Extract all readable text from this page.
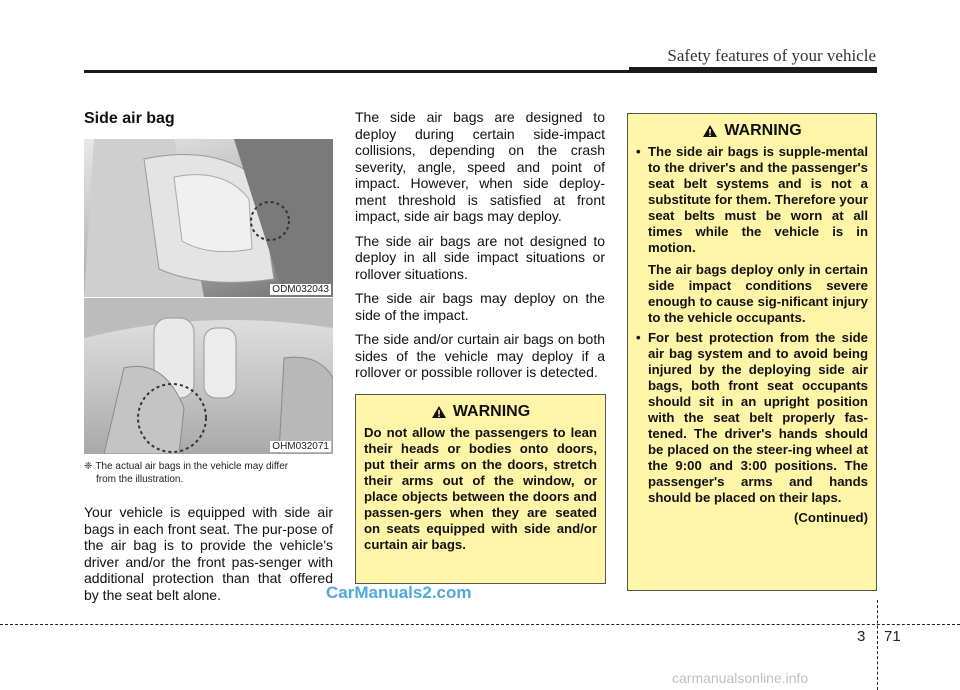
Safety features of your vehicle
Side air bag
ODM032043
OHM032071
❈ The actual air bags in the vehicle may differ
from the illustration.
Your vehicle is equipped with side air bags in each front seat. The pur-pose of the air bag is to provide the vehicle's driver and/or the front pas-senger with additional protection than that offered by the seat belt alone.

The side air bags are designed to deploy during certain side-impact collisions, depending on the crash severity, angle, speed and point of impact. However, when side deploy-ment threshold is satisfied at front impact, side air bags may deploy.

The side air bags are not designed to deploy in all side impact situations or rollover situations.

The side air bags may deploy on the side of the impact.

The side and/or curtain air bags on both sides of the vehicle may deploy if a rollover or possible rollover is detected.

WARNING
Do not allow the passengers to lean their heads or bodies onto doors, put their arms on the doors, stretch their arms out of the window, or place objects between the doors and passen-gers when they are seated on seats equipped with side and/or curtain air bags.
WARNING
• The side air bags is supple-mental to the driver's and the passenger's seat belt systems and is not a substitute for them. Therefore your seat belts must be worn at all times while the vehicle is in motion.
The air bags deploy only in certain side impact conditions severe enough to cause sig-nificant injury to the vehicle occupants.
• For best protection from the side air bag system and to avoid being injured by the deploying side air bags, both front seat occupants should sit in an upright position with the seat belt properly fas-tened. The driver's hands should be placed on the steer-ing wheel at the 9:00 and 3:00 positions. The passenger's arms and hands should be placed on their laps.
(Continued)
CarManuals2.com
3 71
carmanualsonline.info
